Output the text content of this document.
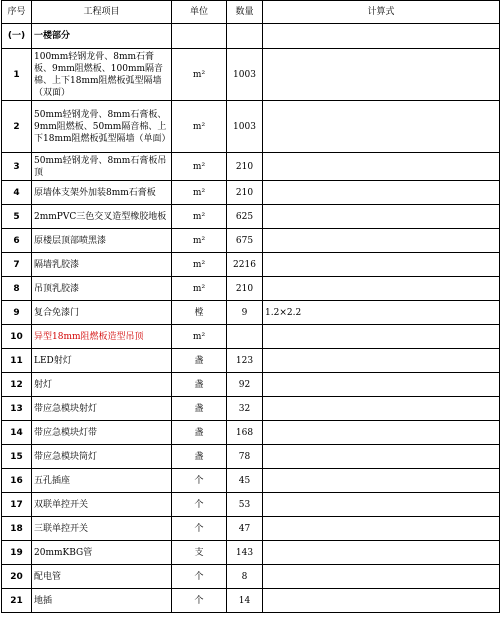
序号	工程项目	单位	数量	计算式
(一)	一楼部分			
1	100mm轻钢龙骨、8mm石膏板、9mm阻燃板、100mm隔音棉、上下18mm阻燃板弧型隔墙（双面）	m²	1003	
2	50mm轻钢龙骨、8mm石膏板、9mm阻燃板、50mm隔音棉、上下18mm阻燃板弧型隔墙（单面）	m²	1003	
3	50mm轻钢龙骨、8mm石膏板吊顶	m²	210	
4	原墙体支架外加装8mm石膏板	m²	210	
5	2mmPVC三色交叉造型橡胶地板	m²	625	
6	原楼层顶部喷黑漆	m²	675	
7	隔墙乳胶漆	m²	2216	
8	吊顶乳胶漆	m²	210	
9	复合免漆门	樘	9	1.2×2.2
10	异型18mm阻燃板造型吊顶	m²		
11	LED射灯	盏	123	
12	射灯	盏	92	
13	带应急模块射灯	盏	32	
14	带应急模块灯带	盏	168	
15	带应急模块筒灯	盏	78	
16	五孔插座	个	45	
17	双联单控开关	个	53	
18	三联单控开关	个	47	
19	20mmKBG管	支	143	
20	配电管	个	8	
21	地插	个	14	
